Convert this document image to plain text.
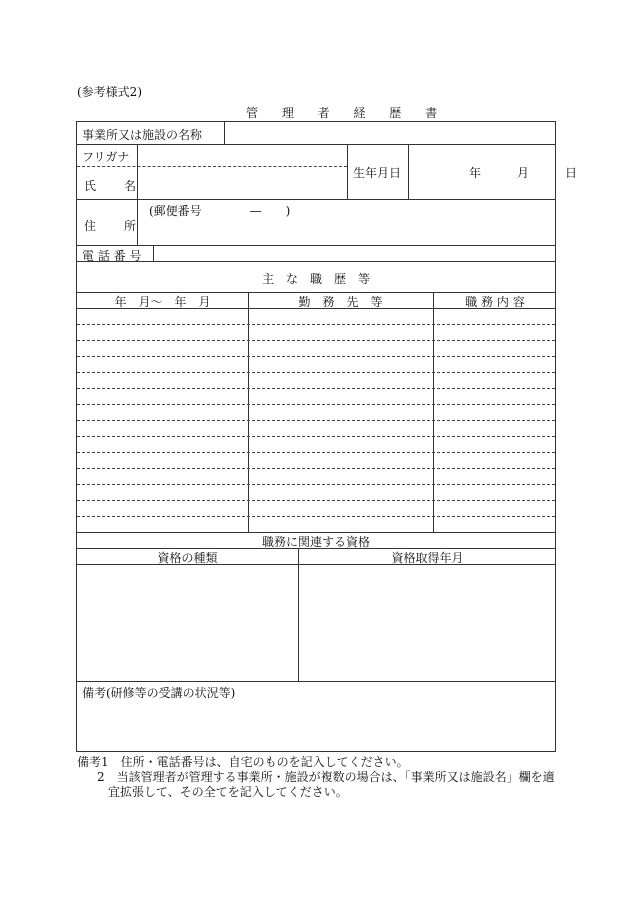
(参考様式2)
管 理 者 経 歴 書
事業所又は施設の名称
フリガナ
氏　名
生年月日	年　　月　　日
(郵便番号　　　　—　　)
住　所
電 話 番 号
主　な　職　歴　等
年　月〜　年　月	勤　務　先　等	職 務 内 容
職務に関連する資格
資格の種類	資格取得年月
備考(研修等の受講の状況等)
備考1　住所・電話番号は、自宅のものを記入してください。
2　当該管理者が管理する事業所・施設が複数の場合は、「事業所又は施設名」欄を適
宜拡張して、その全てを記入してください。
